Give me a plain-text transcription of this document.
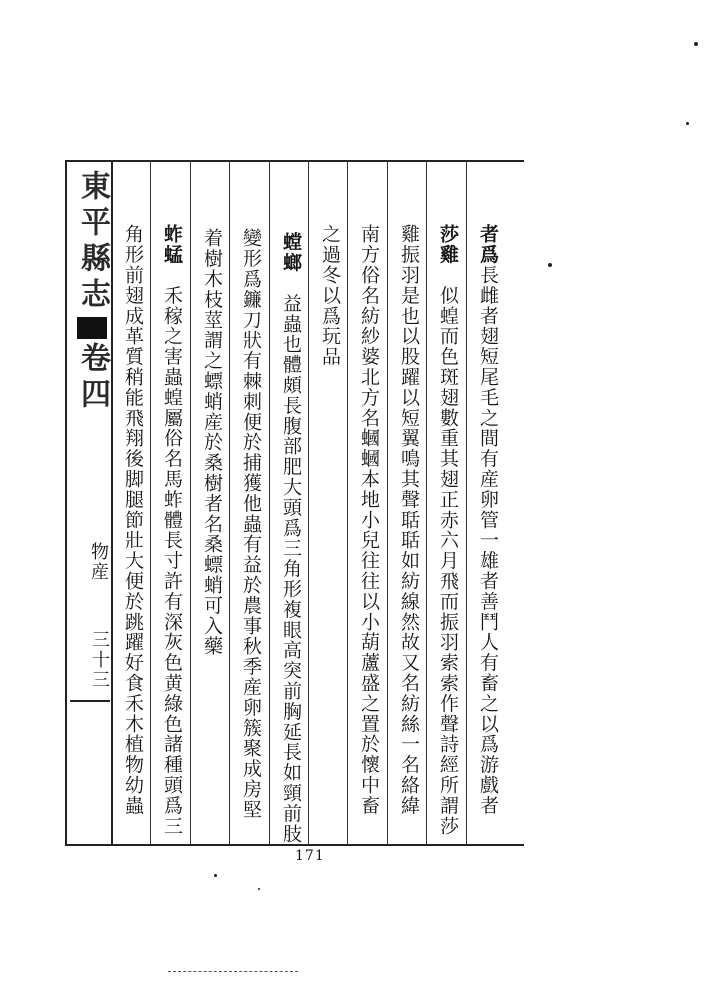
東平縣志卷四
物産
三十三
者爲長雌者翅短尾毛之間有産卵管一雄者善鬥人有畜之以爲游戲者
莎雞　似蝗而色斑翅數重其翅正赤六月飛而振羽索索作聲詩經所謂莎
雞振羽是也以股躍以短翼鳴其聲聒聒如紡線然故又名紡絲一名絡緯
南方俗名紡紗婆北方名蟈蟈本地小兒往往以小葫蘆盛之置於懷中畜
之過冬以爲玩品
螳螂　益蟲也體頗長腹部肥大頭爲三角形複眼高突前胸延長如頸前肢
變形爲鐮刀狀有棘刺便於捕獲他蟲有益於農事秋季産卵簇聚成房堅
着樹木枝莖謂之螵蛸産於桑樹者名桑螵蛸可入藥
蚱蜢　禾稼之害蟲蝗屬俗名馬蚱體長寸許有深灰色黄綠色諸種頭爲三
角形前翅成革質稍能飛翔後脚腿節壯大便於跳躍好食禾木植物幼蟲
171
